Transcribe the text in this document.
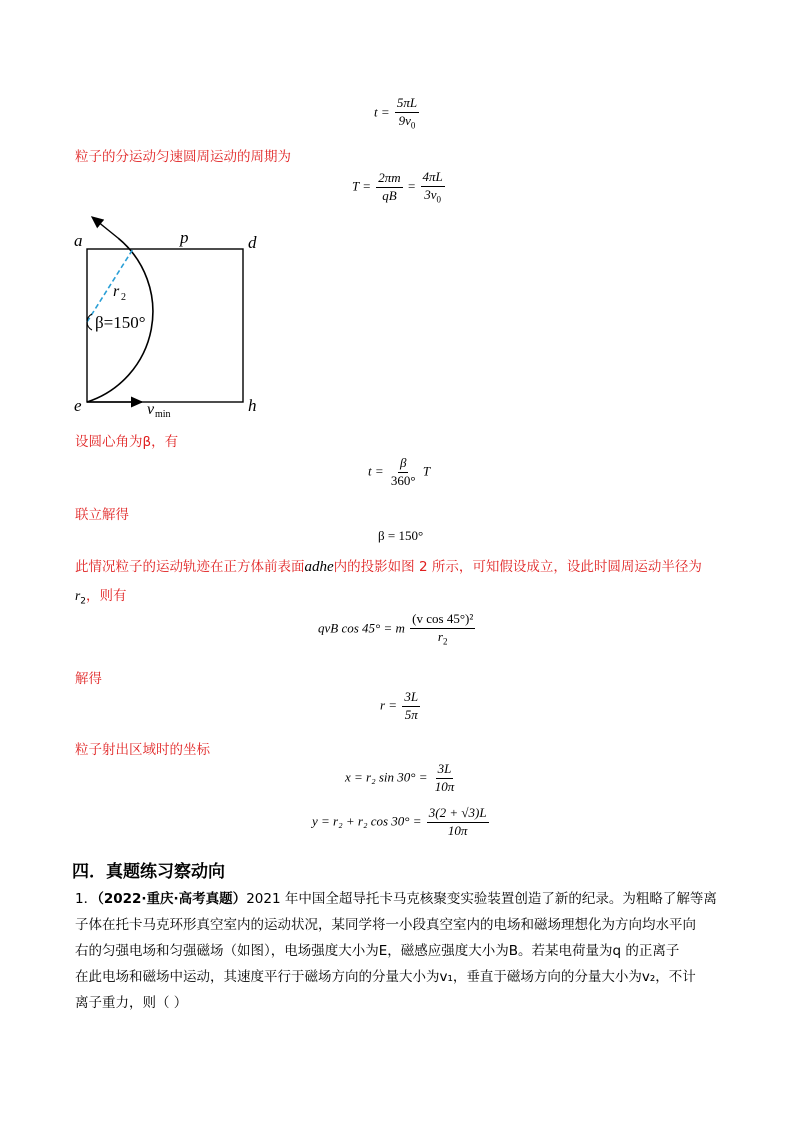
$t = \frac{5\pi L}{9v_0}$
粒子的分运动匀速圆周运动的周期为
$T = \frac{2\pi m}{qB} = \frac{4\pi L}{3v_0}$
a	p	d
e	h
r 2
β=150°
v min
设圆心角为β，有
$t = \frac{\beta}{360^\circ}$ T
联立解得
β = 150°
此情况粒子的运动轨迹在正方体前表面adhe内的投影如图 2 所示，可知假设成立，设此时圆周运动半径为
$r_2$，则有
qvB cos 45° = m $\frac{\text{(v cos 45°)²}}{r_2}$
解得
$r = \frac{3L}{5\pi}$
粒子射出区域时的坐标
x = r₂ $\sin 30^\circ = \frac{3L}{10\pi}$
y = r₂ + r₂ $\cos 30^\circ = \frac{3(2 + √3)L}{10\pi}$
四．真题练习察动向
1．（2022·重庆·高考真题）2021 年中国全超导托卡马克核聚变实验装置创造了新的纪录。为粗略了解等离
子体在托卡马克环形真空室内的运动状况，某同学将一小段真空室内的电场和磁场理想化为方向均水平向
右的匀强电场和匀强磁场（如图），电场强度大小为E，磁感应强度大小为B。若某电荷量为q 的正离子
在此电场和磁场中运动，其速度平行于磁场方向的分量大小为v₁，垂直于磁场方向的分量大小为v₂，不计
离子重力，则（ ）
